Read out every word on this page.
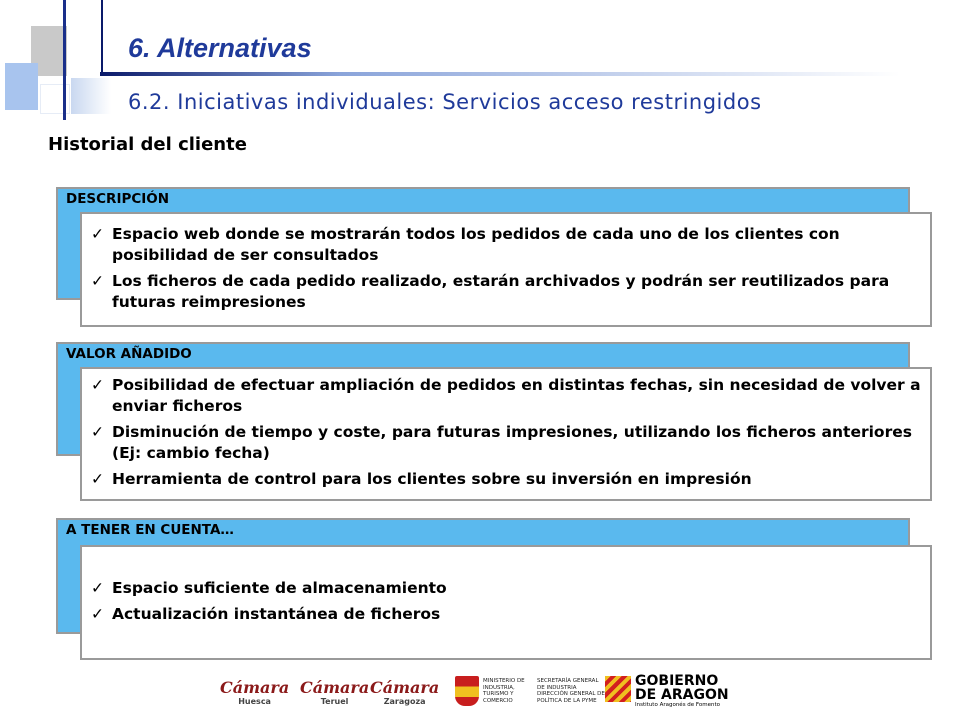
6. Alternativas
6.2. Iniciativas individuales: Servicios acceso restringidos
Historial del cliente
DESCRIPCIÓN
✓ Espacio web donde se mostrarán todos los pedidos de cada uno de los clientes con posibilidad de ser consultados
✓ Los ficheros de cada pedido realizado, estarán archivados y podrán ser reutilizados para futuras reimpresiones
VALOR AÑADIDO
✓ Posibilidad de efectuar ampliación de pedidos en distintas fechas, sin necesidad de volver a enviar ficheros
✓ Disminución de tiempo y coste, para futuras impresiones, utilizando los ficheros anteriores (Ej: cambio fecha)
✓ Herramienta de control para los clientes sobre su inversión en impresión
A TENER EN CUENTA…
✓ Espacio suficiente de almacenamiento
✓ Actualización instantánea de ficheros
Cámara
Huesca
Cámara
Teruel
Cámara
Zaragoza
MINISTERIO DE INDUSTRIA, TURISMO Y COMERCIO
SECRETARÍA GENERAL DE INDUSTRIA DIRECCIÓN GENERAL DE POLÍTICA DE LA PYME
GOBIERNO
DE ARAGON
Instituto Aragonés de Fomento
